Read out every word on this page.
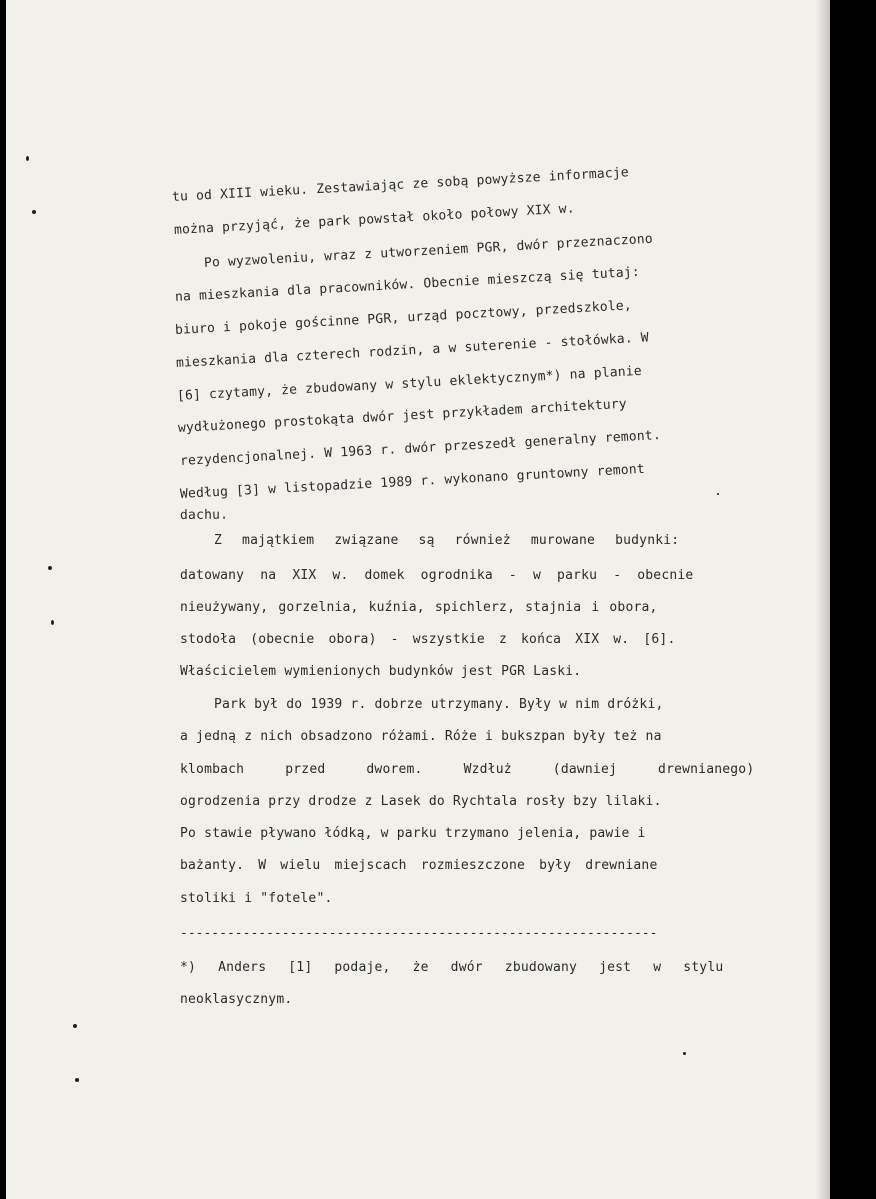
tu od XIII wieku. Zestawiając ze sobą powyższe informacje
można przyjąć, że park powstał około połowy XIX w.
Po wyzwoleniu, wraz z utworzeniem PGR, dwór przeznaczono
na mieszkania dla pracowników. Obecnie mieszczą się tutaj:
biuro i pokoje gościnne PGR, urząd pocztowy, przedszkole,
mieszkania dla czterech rodzin, a w suterenie - stołówka. W
[6] czytamy, że zbudowany w stylu eklektycznym*) na planie
wydłużonego prostokąta dwór jest przykładem architektury
rezydencjonalnej. W 1963 r. dwór przeszedł generalny remont.
Według [3] w listopadzie 1989 r. wykonano gruntowny remont
dachu.
Z majątkiem związane są również murowane budynki:
datowany na XIX w. domek ogrodnika - w parku - obecnie
nieużywany, gorzelnia, kuźnia, spichlerz, stajnia i obora,
stodoła (obecnie obora) - wszystkie z końca XIX w. [6].
Właścicielem wymienionych budynków jest PGR Laski.
Park był do 1939 r. dobrze utrzymany. Były w nim dróżki,
a jedną z nich obsadzono różami. Róże i bukszpan były też na
klombach przed dworem. Wzdłuż (dawniej drewnianego)
ogrodzenia przy drodze z Lasek do Rychtala rosły bzy lilaki.
Po stawie pływano łódką, w parku trzymano jelenia, pawie i
bażanty. W wielu miejscach rozmieszczone były drewniane
stoliki i "fotele".
-------------------------------------------------------------
*) Anders [1] podaje, że dwór zbudowany jest w stylu
neoklasycznym.
